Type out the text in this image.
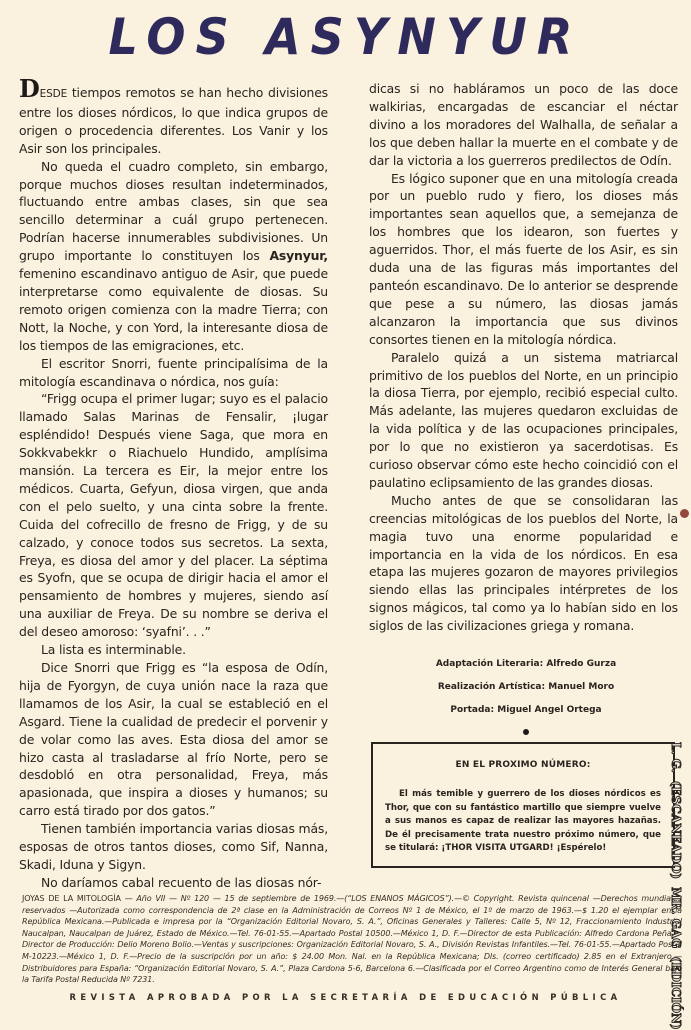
LOS ASYNYUR

DESDE tiempos remotos se han hecho divisiones entre los dioses nórdicos, lo que indica grupos de origen o procedencia diferentes. Los Vanir y los Asir son los principales.

No queda el cuadro completo, sin embargo, porque muchos dioses resultan indeterminados, fluctuando entre ambas clases, sin que sea sencillo determinar a cuál grupo pertenecen. Podrían hacerse innumerables subdivisiones. Un grupo importante lo constituyen los Asynyur, femenino escandinavo antiguo de Asir, que puede interpretarse como equivalente de diosas. Su remoto origen comienza con la madre Tierra; con Nott, la Noche, y con Yord, la interesante diosa de los tiempos de las emigraciones, etc.

El escritor Snorri, fuente principalísima de la mitología escandinava o nórdica, nos guía:

“Frigg ocupa el primer lugar; suyo es el palacio llamado Salas Marinas de Fensalir, ¡lugar espléndido! Después viene Saga, que mora en Sokkvabekkr o Riachuelo Hundido, amplísima mansión. La tercera es Eir, la mejor entre los médicos. Cuarta, Gefyun, diosa virgen, que anda con el pelo suelto, y una cinta sobre la frente. Cuida del cofrecillo de fresno de Frigg, y de su calzado, y conoce todos sus secretos. La sexta, Freya, es diosa del amor y del placer. La séptima es Syofn, que se ocupa de dirigir hacia el amor el pensamiento de hombres y mujeres, siendo así una auxiliar de Freya. De su nombre se deriva el del deseo amoroso: ‘syafni’. . .”

La lista es interminable.

Dice Snorri que Frigg es “la esposa de Odín, hija de Fyorgyn, de cuya unión nace la raza que llamamos de los Asir, la cual se estableció en el Asgard. Tiene la cualidad de predecir el porvenir y de volar como las aves. Esta diosa del amor se hizo casta al trasladarse al frío Norte, pero se desdobló en otra personalidad, Freya, más apasionada, que inspira a dioses y humanos; su carro está tirado por dos gatos.”

Tienen también importancia varias diosas más, esposas de otros tantos dioses, como Sif, Nanna, Skadi, Iduna y Sigyn.

No daríamos cabal recuento de las diosas nór-

dicas si no habláramos un poco de las doce walkirias, encargadas de escanciar el néctar divino a los moradores del Walhalla, de señalar a los que deben hallar la muerte en el combate y de dar la victoria a los guerreros predilectos de Odín.

Es lógico suponer que en una mitología creada por un pueblo rudo y fiero, los dioses más importantes sean aquellos que, a semejanza de los hombres que los idearon, son fuertes y aguerridos. Thor, el más fuerte de los Asir, es sin duda una de las figuras más importantes del panteón escandinavo. De lo anterior se desprende que pese a su número, las diosas jamás alcanzaron la importancia que sus divinos consortes tienen en la mitología nórdica.

Paralelo quizá a un sistema matriarcal primitivo de los pueblos del Norte, en un principio la diosa Tierra, por ejemplo, recibió especial culto. Más adelante, las mujeres quedaron excluidas de la vida política y de las ocupaciones principales, por lo que no existieron ya sacerdotisas. Es curioso observar cómo este hecho coincidió con el paulatino eclipsamiento de las grandes diosas.

Mucho antes de que se consolidaran las creencias mitológicas de los pueblos del Norte, la magia tuvo una enorme popularidad e importancia en la vida de los nórdicos. En esa etapa las mujeres gozaron de mayores privilegios siendo ellas las principales intérpretes de los signos mágicos, tal como ya lo habían sido en los siglos de las civilizaciones griega y romana.

Adaptación Literaria: Alfredo Gurza
Realización Artística: Manuel Moro
Portada: Miguel Angel Ortega
EN EL PROXIMO NÚMERO:
El más temible y guerrero de los dioses nórdicos es Thor, que con su fantástico martillo que siempre vuelve a sus manos es capaz de realizar las mayores hazañas. De él precisamente trata nuestro próximo número, que se titulará: ¡THOR VISITA UTGARD! ¡Espérelo!
JOYAS DE LA MITOLOGÍA — Año VII — Nº 120 — 15 de septiembre de 1969.—(“LOS ENANOS MÁGICOS”).—© Copyright. Revista quincenal —Derechos mundiales reservados —Autorizada como correspondencia de 2ª clase en la Administración de Correos Nº 1 de México, el 1º de marzo de 1963.—$ 1.20 el ejemplar en la República Mexicana.—Publicada e impresa por la “Organización Editorial Novaro, S. A.”, Oficinas Generales y Talleres: Calle 5, Nº 12, Fraccionamiento Industrial Naucalpan, Naucalpan de Juárez, Estado de México.—Tel. 76-01-55.—Apartado Postal 10500.—México 1, D. F.—Director de esta Publicación: Alfredo Cardona Peña.—Director de Producción: Delio Moreno Bolio.—Ventas y suscripciones: Organización Editorial Novaro, S. A., División Revistas Infantiles.—Tel. 76-01-55.—Apartado Postal M-10223.—México 1, D. F.—Precio de la suscripción por un año: $ 24.00 Mon. Nal. en la República Mexicana; Dls. (correo certificado) 2.85 en el Extranjero.—Distribuidores para España: “Organización Editorial Novaro, S. A.”, Plaza Cardona 5-6, Barcelona 6.—Clasificada por el Correo Argentino como de Interés General bajo la Tarifa Postal Reducida Nº 7231.
REVISTA APROBADA POR LA SECRETARÍA DE EDUCACIÓN PÚBLICA
L. G.
(ESCANEADO)
MR. GAG
(EDICIÓN)
